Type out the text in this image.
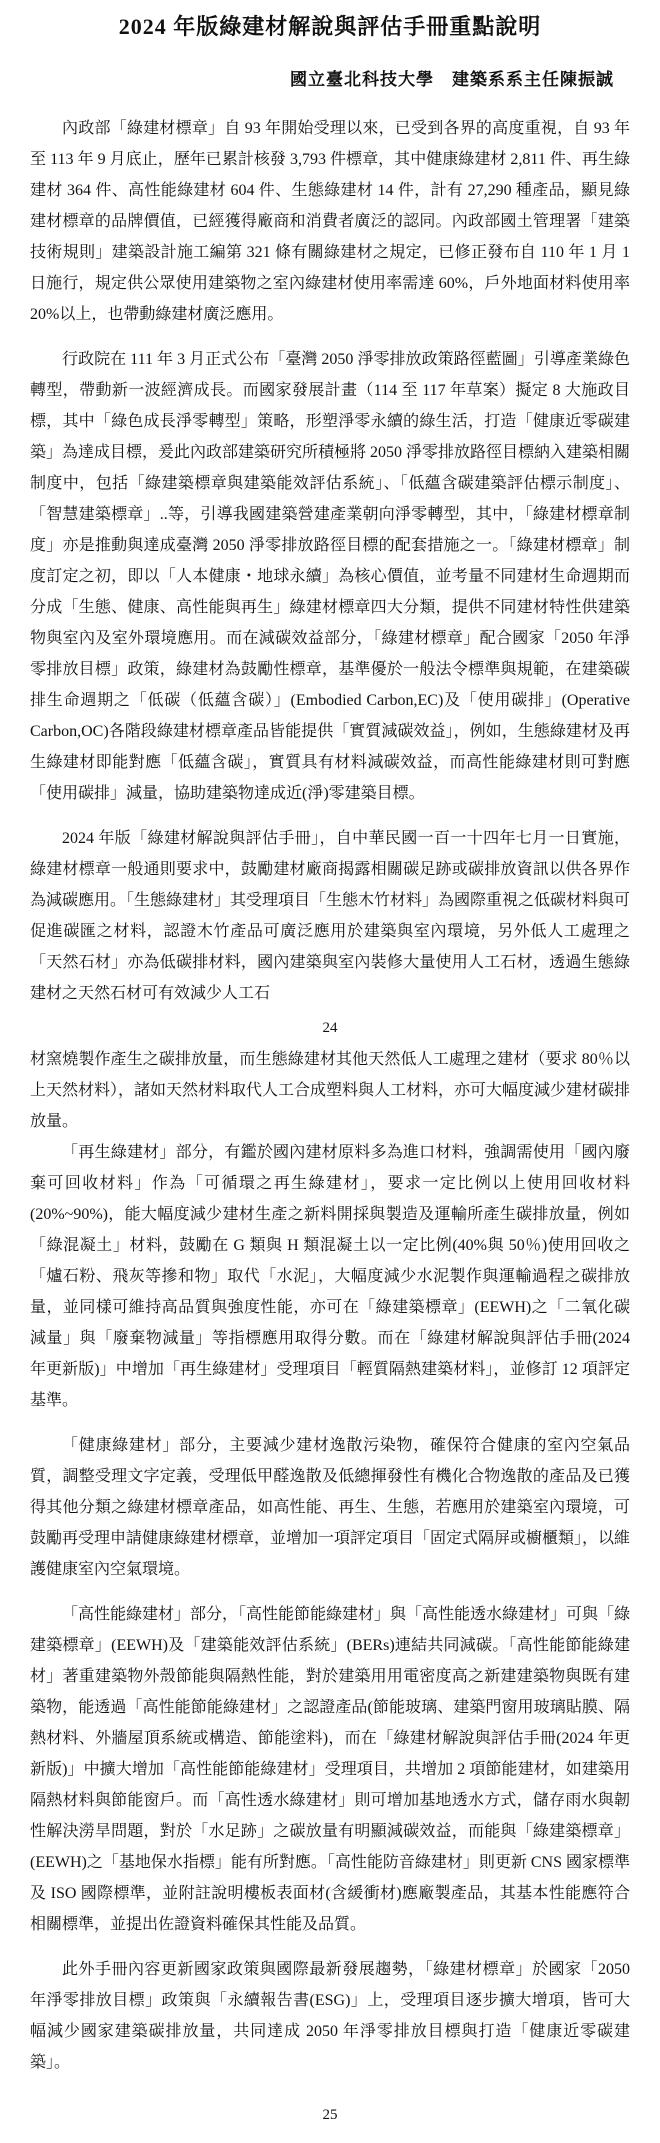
2024 年版綠建材解說與評估手冊重點說明
國立臺北科技大學　建築系系主任陳振誠

內政部「綠建材標章」自 93 年開始受理以來，已受到各界的高度重視，自 93 年至 113 年 9 月底止，歷年已累計核發 3,793 件標章，其中健康綠建材 2,811 件、再生綠建材 364 件、高性能綠建材 604 件、生態綠建材 14 件，計有 27,290 種產品，顯見綠建材標章的品牌價值，已經獲得廠商和消費者廣泛的認同。內政部國土管理署「建築技術規則」建築設計施工編第 321 條有關綠建材之規定，已修正發布自 110 年 1 月 1 日施行，規定供公眾使用建築物之室內綠建材使用率需達 60%，戶外地面材料使用率 20%以上，也帶動綠建材廣泛應用。

行政院在 111 年 3 月正式公布「臺灣 2050 淨零排放政策路徑藍圖」引導產業綠色轉型，帶動新一波經濟成長。而國家發展計畫（114 至 117 年草案）擬定 8 大施政目標，其中「綠色成長淨零轉型」策略，形塑淨零永續的綠生活，打造「健康近零碳建築」為達成目標，爰此內政部建築研究所積極將 2050 淨零排放路徑目標納入建築相關制度中，包括「綠建築標章與建築能效評估系統」、「低蘊含碳建築評估標示制度」、「智慧建築標章」..等，引導我國建築營建產業朝向淨零轉型，其中，「綠建材標章制度」亦是推動與達成臺灣 2050 淨零排放路徑目標的配套措施之一。「綠建材標章」制度訂定之初，即以「人本健康・地球永續」為核心價值，並考量不同建材生命週期而分成「生態、健康、高性能與再生」綠建材標章四大分類，提供不同建材特性供建築物與室內及室外環境應用。而在減碳效益部分，「綠建材標章」配合國家「2050 年淨零排放目標」政策，綠建材為鼓勵性標章，基準優於一般法令標準與規範，在建築碳排生命週期之「低碳（低蘊含碳）」(Embodied Carbon,EC)及「使用碳排」(Operative Carbon,OC)各階段綠建材標章產品皆能提供「實質減碳效益」，例如，生態綠建材及再生綠建材即能對應「低蘊含碳」，實質具有材料減碳效益，而高性能綠建材則可對應「使用碳排」減量，協助建築物達成近(淨)零建築目標。

2024 年版「綠建材解說與評估手冊」，自中華民國一百一十四年七月一日實施，綠建材標章一般通則要求中，鼓勵建材廠商揭露相關碳足跡或碳排放資訊以供各界作為減碳應用。「生態綠建材」其受理項目「生態木竹材料」為國際重視之低碳材料與可促進碳匯之材料，認證木竹產品可廣泛應用於建築與室內環境，另外低人工處理之「天然石材」亦為低碳排材料，國內建築與室內裝修大量使用人工石材，透過生態綠建材之天然石材可有效減少人工石

24

材窯燒製作產生之碳排放量，而生態綠建材其他天然低人工處理之建材（要求 80％以上天然材料），諸如天然材料取代人工合成塑料與人工材料，亦可大幅度減少建材碳排放量。

「再生綠建材」部分，有鑑於國內建材原料多為進口材料，強調需使用「國內廢棄可回收材料」作為「可循環之再生綠建材」，要求一定比例以上使用回收材料(20%~90%)，能大幅度減少建材生產之新料開採與製造及運輸所產生碳排放量，例如「綠混凝土」材料，鼓勵在 G 類與 H 類混凝土以一定比例(40%與 50％)使用回收之「爐石粉、飛灰等摻和物」取代「水泥」，大幅度減少水泥製作與運輸過程之碳排放量，並同樣可維持高品質與強度性能，亦可在「綠建築標章」(EEWH)之「二氧化碳減量」與「廢棄物減量」等指標應用取得分數。而在「綠建材解說與評估手冊(2024 年更新版)」中增加「再生綠建材」受理項目「輕質隔熱建築材料」，並修訂 12 項評定基準。

「健康綠建材」部分，主要減少建材逸散污染物，確保符合健康的室內空氣品質，調整受理文字定義，受理低甲醛逸散及低總揮發性有機化合物逸散的產品及已獲得其他分類之綠建材標章產品，如高性能、再生、生態，若應用於建築室內環境，可鼓勵再受理申請健康綠建材標章，並增加一項評定項目「固定式隔屏或櫥櫃類」，以維護健康室內空氣環境。

「高性能綠建材」部分，「高性能節能綠建材」與「高性能透水綠建材」可與「綠建築標章」(EEWH)及「建築能效評估系統」(BERs)連結共同減碳。「高性能節能綠建材」著重建築物外殼節能與隔熱性能，對於建築用用電密度高之新建建築物與既有建築物，能透過「高性能節能綠建材」之認證產品(節能玻璃、建築門窗用玻璃貼膜、隔熱材料、外牆屋頂系統或構造、節能塗料)，而在「綠建材解說與評估手冊(2024 年更新版)」中擴大增加「高性能節能綠建材」受理項目，共增加 2 項節能建材，如建築用隔熱材料與節能窗戶。而「高性透水綠建材」則可增加基地透水方式，儲存雨水與韌性解決澇旱問題，對於「水足跡」之碳放量有明顯減碳效益，而能與「綠建築標章」(EEWH)之「基地保水指標」能有所對應。「高性能防音綠建材」則更新 CNS 國家標準及 ISO 國際標準，並附註說明樓板表面材(含緩衝材)應廠製產品，其基本性能應符合相關標準，並提出佐證資料確保其性能及品質。

此外手冊內容更新國家政策與國際最新發展趨勢，「綠建材標章」於國家「2050 年淨零排放目標」政策與「永續報告書(ESG)」上，受理項目逐步擴大增項，皆可大幅減少國家建築碳排放量，共同達成 2050 年淨零排放目標與打造「健康近零碳建築」。

25
